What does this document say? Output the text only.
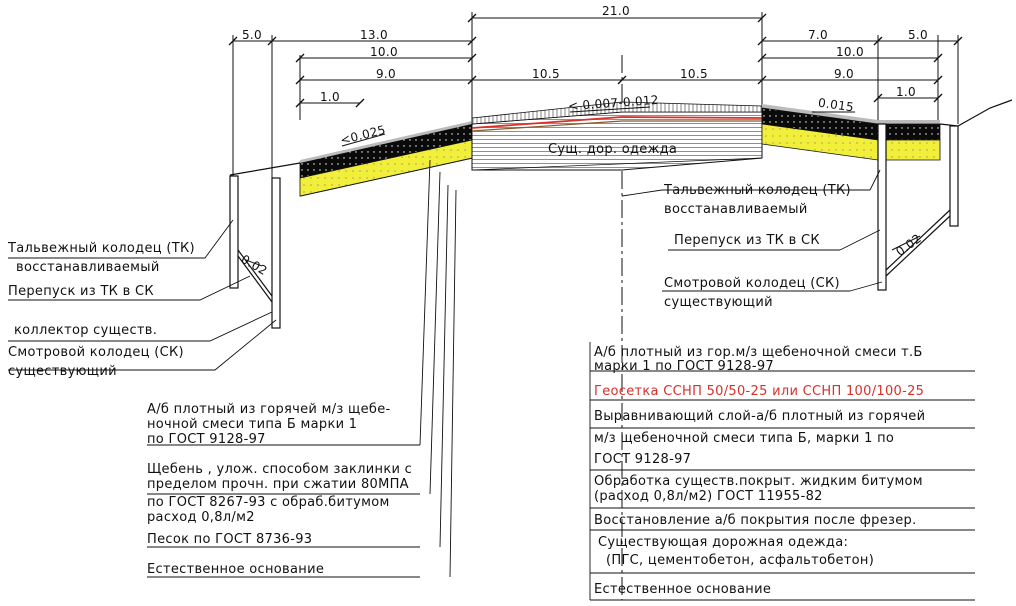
21.0
5.0	13.0
10.0
9.0
1.0
10.5	10.5
7.0	5.0
10.0
9.0
1.0
<0.025
< 0.007-0.012	0.015
0.02
0.02
Сущ. дор. одежда
Тальвежный колодец (ТК)
восстанавливаемый
Перепуск из ТК в СК
коллектор существ.
Смотровой колодец (СК)
существующий
Тальвежный колодец (ТК)
восстанавливаемый
Перепуск из ТК в СК
Смотровой колодец (СК)
существующий
А/б плотный из горячей м/з щебе-
ночной смеси типа Б марки 1
по ГОСТ 9128-97
Щебень , улож. способом заклинки с
пределом прочн. при сжатии 80МПА
по ГОСТ 8267-93 с обраб.битумом
расход 0,8л/м2
Песок по ГОСТ 8736-93
Естественное основание
А/б плотный из гор.м/з щебеночной смеси т.Б
марки 1 по ГОСТ 9128-97
Геосетка ССНП 50/50-25 или ССНП 100/100-25
Выравнивающий слой-а/б плотный из горячей
м/з щебеночной смеси типа Б, марки 1 по
ГОСТ 9128-97
Обработка существ.покрыт. жидким битумом
(расход 0,8л/м2) ГОСТ 11955-82
Восстановление а/б покрытия после фрезер.
Существующая дорожная одежда:
(ПГС, цементобетон, асфальтобетон)
Естественное основание
